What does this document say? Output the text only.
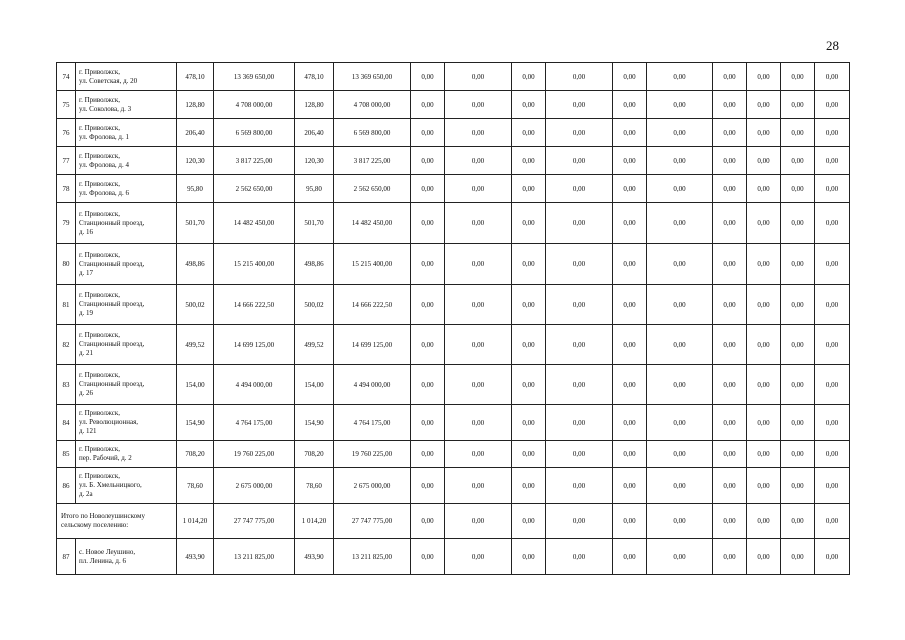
28
74	г. Приволжск,
ул. Советская, д. 20	478,10	13 369 650,00	478,10	13 369 650,00	0,00	0,00	0,00	0,00	0,00	0,00	0,00	0,00	0,00	0,00
75	г. Приволжск,
ул. Соколова, д. 3	128,80	4 708 000,00	128,80	4 708 000,00	0,00	0,00	0,00	0,00	0,00	0,00	0,00	0,00	0,00	0,00
76	г. Приволжск,
ул. Фролова, д. 1	206,40	6 569 800,00	206,40	6 569 800,00	0,00	0,00	0,00	0,00	0,00	0,00	0,00	0,00	0,00	0,00
77	г. Приволжск,
ул. Фролова, д. 4	120,30	3 817 225,00	120,30	3 817 225,00	0,00	0,00	0,00	0,00	0,00	0,00	0,00	0,00	0,00	0,00
78	г. Приволжск,
ул. Фролова, д. 6	95,80	2 562 650,00	95,80	2 562 650,00	0,00	0,00	0,00	0,00	0,00	0,00	0,00	0,00	0,00	0,00
79	г. Приволжск,
Станционный проезд,
д. 16	501,70	14 482 450,00	501,70	14 482 450,00	0,00	0,00	0,00	0,00	0,00	0,00	0,00	0,00	0,00	0,00
80	г. Приволжск,
Станционный проезд,
д. 17	498,86	15 215 400,00	498,86	15 215 400,00	0,00	0,00	0,00	0,00	0,00	0,00	0,00	0,00	0,00	0,00
81	г. Приволжск,
Станционный проезд,
д. 19	500,02	14 666 222,50	500,02	14 666 222,50	0,00	0,00	0,00	0,00	0,00	0,00	0,00	0,00	0,00	0,00
82	г. Приволжск,
Станционный проезд,
д. 21	499,52	14 699 125,00	499,52	14 699 125,00	0,00	0,00	0,00	0,00	0,00	0,00	0,00	0,00	0,00	0,00
83	г. Приволжск,
Станционный проезд,
д. 26	154,00	4 494 000,00	154,00	4 494 000,00	0,00	0,00	0,00	0,00	0,00	0,00	0,00	0,00	0,00	0,00
84	г. Приволжск,
ул. Революционная,
д. 121	154,90	4 764 175,00	154,90	4 764 175,00	0,00	0,00	0,00	0,00	0,00	0,00	0,00	0,00	0,00	0,00
85	г. Приволжск,
пер. Рабочий, д. 2	708,20	19 760 225,00	708,20	19 760 225,00	0,00	0,00	0,00	0,00	0,00	0,00	0,00	0,00	0,00	0,00
86	г. Приволжск,
ул. Б. Хмельницкого,
д. 2а	78,60	2 675 000,00	78,60	2 675 000,00	0,00	0,00	0,00	0,00	0,00	0,00	0,00	0,00	0,00	0,00

Итого по Новолеушинскому
сельскому поселению:		1 014,20	27 747 775,00	1 014,20	27 747 775,00	0,00	0,00	0,00	0,00	0,00	0,00	0,00	0,00	0,00	0,00
87	с. Новое Леушино,
пл. Ленина, д. 6	493,90	13 211 825,00	493,90	13 211 825,00	0,00	0,00	0,00	0,00	0,00	0,00	0,00	0,00	0,00	0,00
